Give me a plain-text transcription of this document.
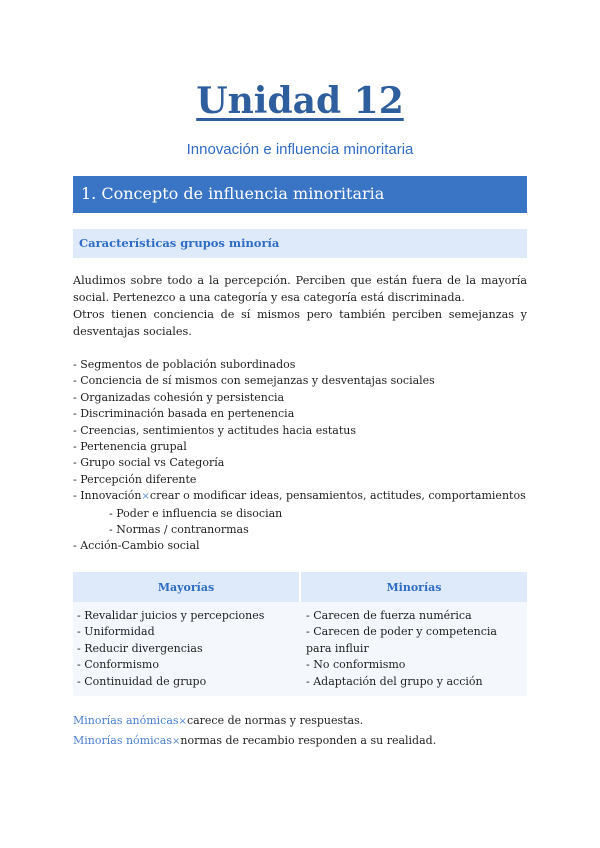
Unidad 12
Innovación e influencia minoritaria
1. Concepto de influencia minoritaria
Características grupos minoría
Aludimos sobre todo a la percepción. Perciben que están fuera de la mayoría social. Pertenezco a una categoría y esa categoría está discriminada.
Otros tienen conciencia de sí mismos pero también perciben semejanzas y desventajas sociales.
- Segmentos de población subordinados
- Conciencia de sí mismos con semejanzas y desventajas sociales
- Organizadas cohesión y persistencia
- Discriminación basada en pertenencia
- Creencias, sentimientos y actitudes hacia estatus
- Pertenencia grupal
- Grupo social vs Categoría
- Percepción diferente
- Innovación×crear o modificar ideas, pensamientos, actitudes, comportamientos
- Poder e influencia se disocian
- Normas / contranormas
- Acción-Cambio social
Mayorías	Minorías
- Revalidar juicios y percepciones
- Uniformidad
- Reducir divergencias
- Conformismo
- Continuidad de grupo
- Carecen de fuerza numérica
- Carecen de poder y competencia
para influir
- No conformismo
- Adaptación del grupo y acción
Minorías anómicas×carece de normas y respuestas.
Minorías nómicas×normas de recambio responden a su realidad.
